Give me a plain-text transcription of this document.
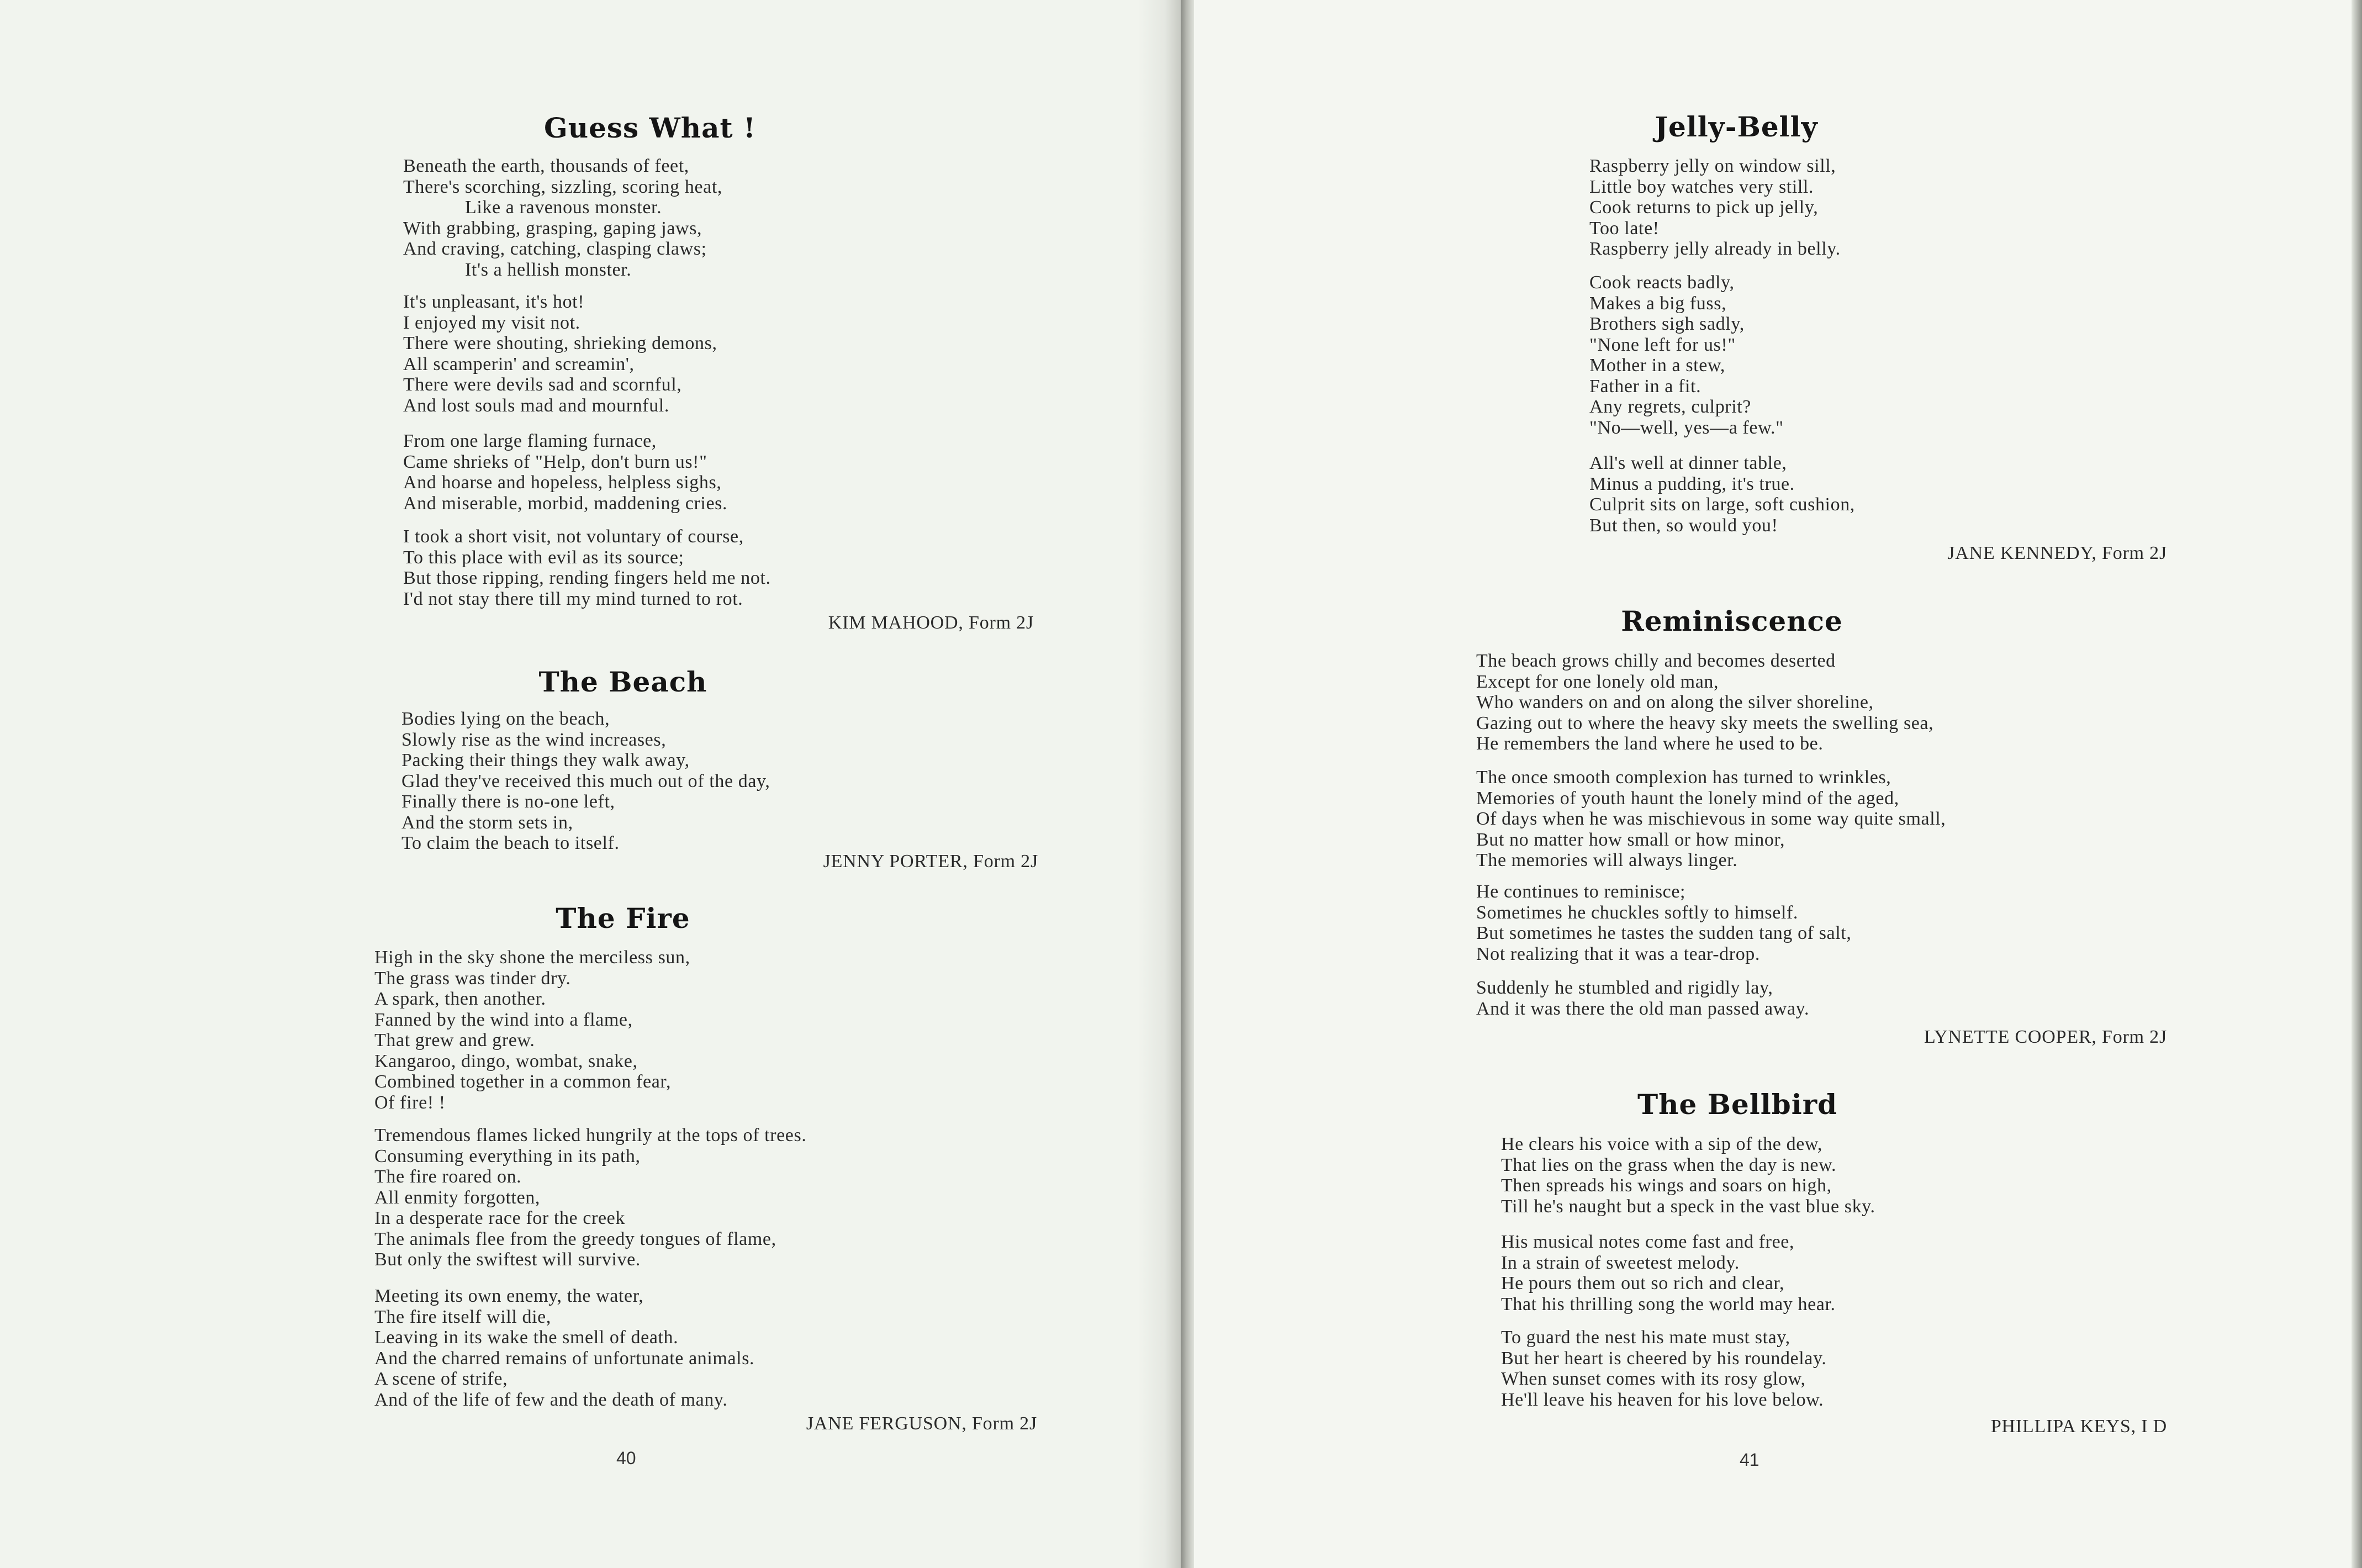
Guess What !
Beneath the earth, thousands of feet,
There's scorching, sizzling, scoring heat,
Like a ravenous monster.
With grabbing, grasping, gaping jaws,
And craving, catching, clasping claws;
It's a hellish monster.
It's unpleasant, it's hot!
I enjoyed my visit not.
There were shouting, shrieking demons,
All scamperin' and screamin',
There were devils sad and scornful,
And lost souls mad and mournful.
From one large flaming furnace,
Came shrieks of "Help, don't burn us!"
And hoarse and hopeless, helpless sighs,
And miserable, morbid, maddening cries.
I took a short visit, not voluntary of course,
To this place with evil as its source;
But those ripping, rending fingers held me not.
I'd not stay there till my mind turned to rot.
KIM MAHOOD, Form 2J
The Beach
Bodies lying on the beach,
Slowly rise as the wind increases,
Packing their things they walk away,
Glad they've received this much out of the day,
Finally there is no-one left,
And the storm sets in,
To claim the beach to itself.
JENNY PORTER, Form 2J
The Fire
High in the sky shone the merciless sun,
The grass was tinder dry.
A spark, then another.
Fanned by the wind into a flame,
That grew and grew.
Kangaroo, dingo, wombat, snake,
Combined together in a common fear,
Of fire! !
Tremendous flames licked hungrily at the tops of trees.
Consuming everything in its path,
The fire roared on.
All enmity forgotten,
In a desperate race for the creek
The animals flee from the greedy tongues of flame,
But only the swiftest will survive.
Meeting its own enemy, the water,
The fire itself will die,
Leaving in its wake the smell of death.
And the charred remains of unfortunate animals.
A scene of strife,
And of the life of few and the death of many.
JANE FERGUSON, Form 2J
40
Jelly-Belly
Raspberry jelly on window sill,
Little boy watches very still.
Cook returns to pick up jelly,
Too late!
Raspberry jelly already in belly.
Cook reacts badly,
Makes a big fuss,
Brothers sigh sadly,
"None left for us!"
Mother in a stew,
Father in a fit.
Any regrets, culprit?
"No—well, yes—a few."
All's well at dinner table,
Minus a pudding, it's true.
Culprit sits on large, soft cushion,
But then, so would you!
JANE KENNEDY, Form 2J
Reminiscence
The beach grows chilly and becomes deserted
Except for one lonely old man,
Who wanders on and on along the silver shoreline,
Gazing out to where the heavy sky meets the swelling sea,
He remembers the land where he used to be.
The once smooth complexion has turned to wrinkles,
Memories of youth haunt the lonely mind of the aged,
Of days when he was mischievous in some way quite small,
But no matter how small or how minor,
The memories will always linger.
He continues to reminisce;
Sometimes he chuckles softly to himself.
But sometimes he tastes the sudden tang of salt,
Not realizing that it was a tear-drop.
Suddenly he stumbled and rigidly lay,
And it was there the old man passed away.
LYNETTE COOPER, Form 2J
The Bellbird
He clears his voice with a sip of the dew,
That lies on the grass when the day is new.
Then spreads his wings and soars on high,
Till he's naught but a speck in the vast blue sky.
His musical notes come fast and free,
In a strain of sweetest melody.
He pours them out so rich and clear,
That his thrilling song the world may hear.
To guard the nest his mate must stay,
But her heart is cheered by his roundelay.
When sunset comes with its rosy glow,
He'll leave his heaven for his love below.
PHILLIPA KEYS, I D
41
